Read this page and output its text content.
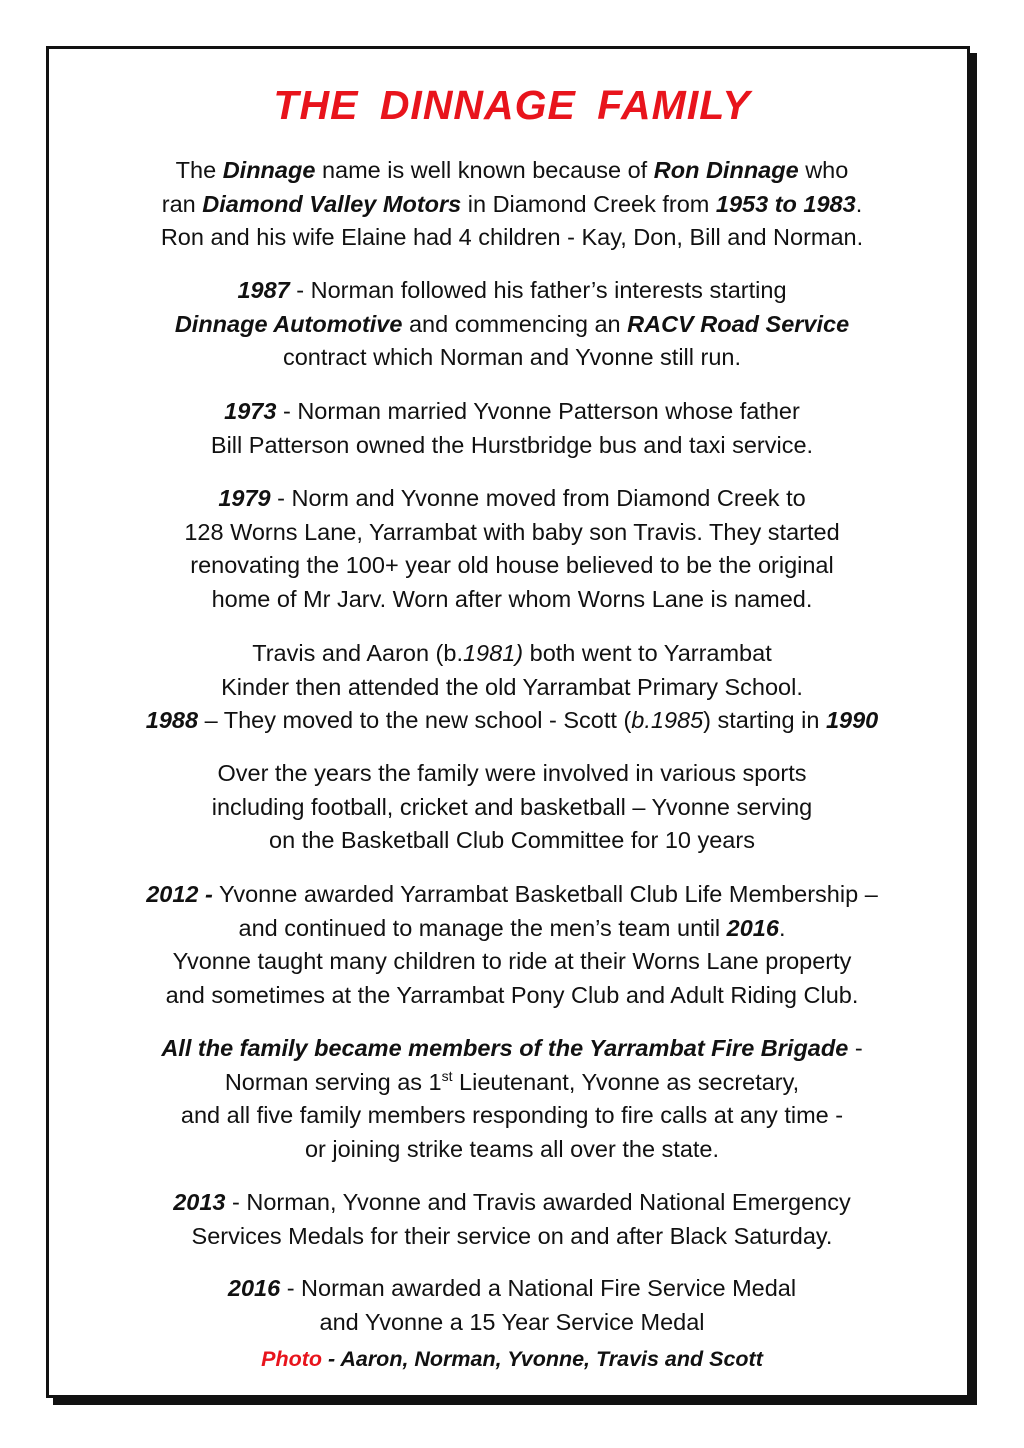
THE DINNAGE FAMILY
The Dinnage name is well known because of Ron Dinnage who
ran Diamond Valley Motors in Diamond Creek from 1953 to 1983.
Ron and his wife Elaine had 4 children - Kay, Don, Bill and Norman.
1987 - Norman followed his father’s interests starting
Dinnage Automotive and commencing an RACV Road Service
contract which Norman and Yvonne still run.
1973 - Norman married Yvonne Patterson whose father
Bill Patterson owned the Hurstbridge bus and taxi service.
1979 - Norm and Yvonne moved from Diamond Creek to
128 Worns Lane, Yarrambat with baby son Travis. They started
renovating the 100+ year old house believed to be the original
home of Mr Jarv. Worn after whom Worns Lane is named.
Travis and Aaron (b.1981) both went to Yarrambat
Kinder then attended the old Yarrambat Primary School.
1988 – They moved to the new school - Scott (b.1985) starting in 1990
Over the years the family were involved in various sports
including football, cricket and basketball – Yvonne serving
on the Basketball Club Committee for 10 years
2012 - Yvonne awarded Yarrambat Basketball Club Life Membership –
and continued to manage the men’s team until 2016.
Yvonne taught many children to ride at their Worns Lane property
and sometimes at the Yarrambat Pony Club and Adult Riding Club.
All the family became members of the Yarrambat Fire Brigade -
Norman serving as 1st Lieutenant, Yvonne as secretary,
and all five family members responding to fire calls at any time -
or joining strike teams all over the state.
2013 - Norman, Yvonne and Travis awarded National Emergency
Services Medals for their service on and after Black Saturday.
2016 - Norman awarded a National Fire Service Medal
and Yvonne a 15 Year Service Medal
Photo - Aaron, Norman, Yvonne, Travis and Scott
